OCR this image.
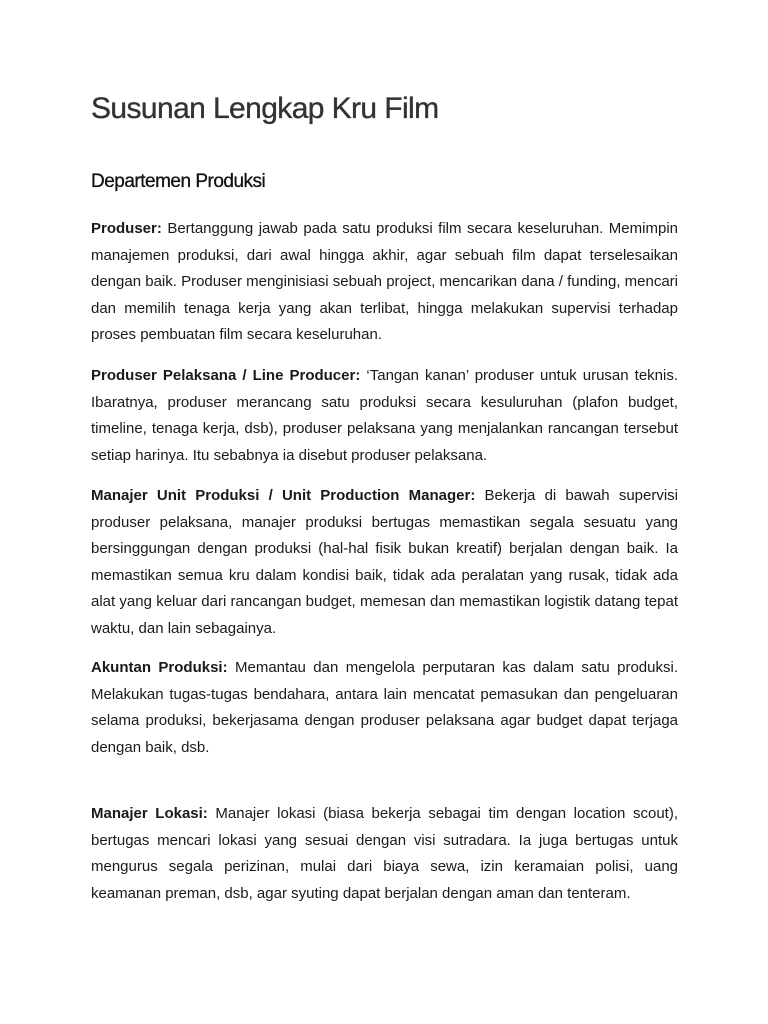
Susunan Lengkap Kru Film
Departemen Produksi

Produser: Bertanggung jawab pada satu produksi film secara keseluruhan. Memimpin manajemen produksi, dari awal hingga akhir, agar sebuah film dapat terselesaikan dengan baik. Produser menginisiasi sebuah project, mencarikan dana / funding, mencari dan memilih tenaga kerja yang akan terlibat, hingga melakukan supervisi terhadap proses pembuatan film secara keseluruhan.

Produser Pelaksana / Line Producer: ‘Tangan kanan’ produser untuk urusan teknis. Ibaratnya, produser merancang satu produksi secara kesuluruhan (plafon budget, timeline, tenaga kerja, dsb), produser pelaksana yang menjalankan rancangan tersebut setiap harinya. Itu sebabnya ia disebut produser pelaksana.

Manajer Unit Produksi / Unit Production Manager: Bekerja di bawah supervisi produser pelaksana, manajer produksi bertugas memastikan segala sesuatu yang bersinggungan dengan produksi (hal-hal fisik bukan kreatif) berjalan dengan baik. Ia memastikan semua kru dalam kondisi baik, tidak ada peralatan yang rusak, tidak ada alat yang keluar dari rancangan budget, memesan dan memastikan logistik datang tepat waktu, dan lain sebagainya.

Akuntan Produksi: Memantau dan mengelola perputaran kas dalam satu produksi. Melakukan tugas-tugas bendahara, antara lain mencatat pemasukan dan pengeluaran selama produksi, bekerjasama dengan produser pelaksana agar budget dapat terjaga dengan baik, dsb.

Manajer Lokasi: Manajer lokasi (biasa bekerja sebagai tim dengan location scout), bertugas mencari lokasi yang sesuai dengan visi sutradara. Ia juga bertugas untuk mengurus segala perizinan, mulai dari biaya sewa, izin keramaian polisi, uang keamanan preman, dsb, agar syuting dapat berjalan dengan aman dan tenteram.
